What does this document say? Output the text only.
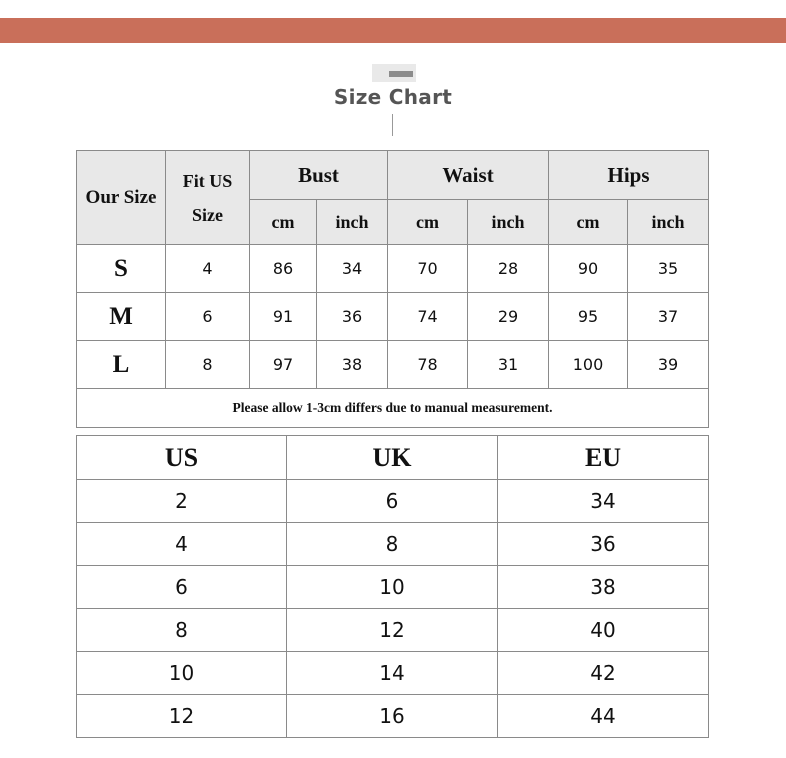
Size Chart
Our Size	Fit US Size	Bust		Waist		Hips	
		cm	inch	cm	inch	cm	inch
S	4	86	34	70	28	90	35
M	6	91	36	74	29	95	37
L	8	97	38	78	31	100	39
Please allow 1-3cm differs due to manual measurement.							
US	UK	EU
2	6	34
4	8	36
6	10	38
8	12	40
10	14	42
12	16	44
